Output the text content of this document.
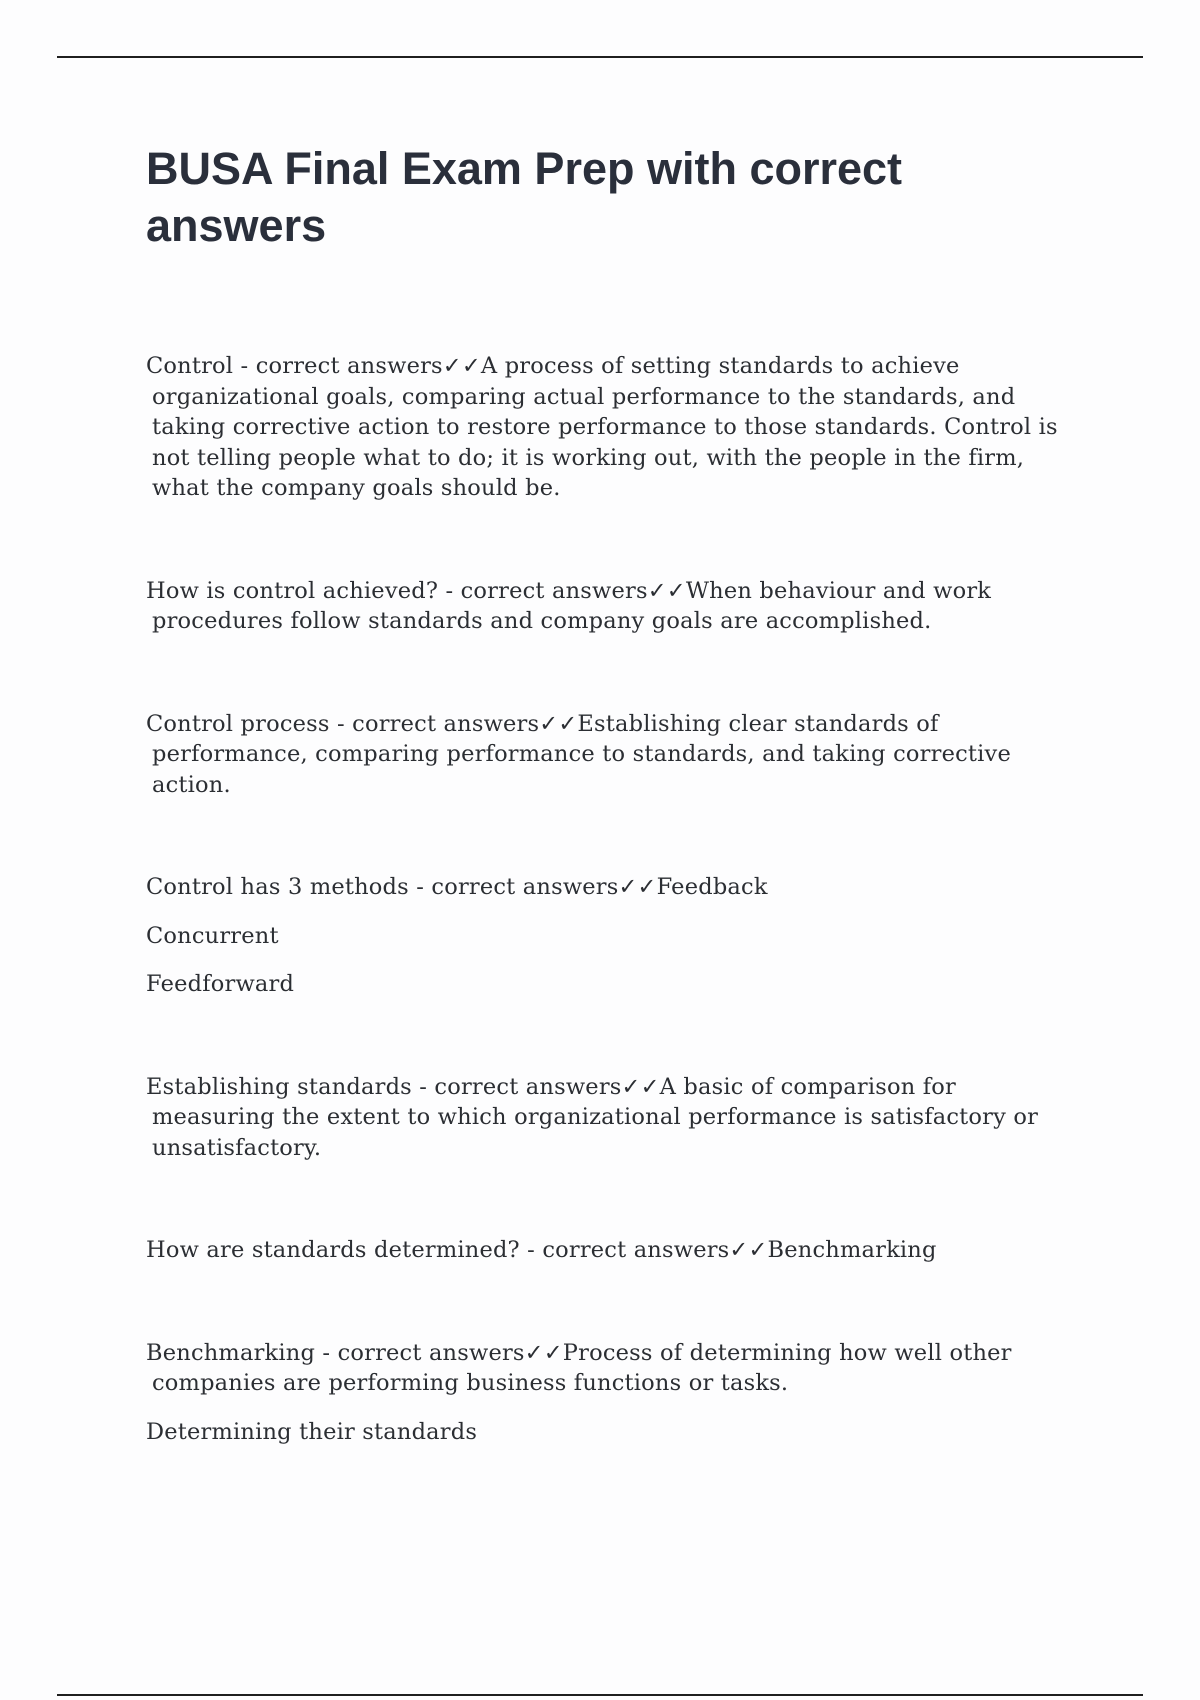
BUSA Final Exam Prep with correct answers

Control - correct answers✓✓A process of setting standards to achieve
organizational goals, comparing actual performance to the standards, and taking corrective action to restore performance to those standards. Control is not telling people what to do; it is working out, with the people in the firm, what the company goals should be.

How is control achieved? - correct answers✓✓When behaviour and work
procedures follow standards and company goals are accomplished.

Control process - correct answers✓✓Establishing clear standards of
performance, comparing performance to standards, and taking corrective action.

Control has 3 methods - correct answers✓✓Feedback
Concurrent
Feedforward

Establishing standards - correct answers✓✓A basic of comparison for
measuring the extent to which organizational performance is satisfactory or unsatisfactory.

How are standards determined? - correct answers✓✓Benchmarking

Benchmarking - correct answers✓✓Process of determining how well other
companies are performing business functions or tasks.
Determining their standards
